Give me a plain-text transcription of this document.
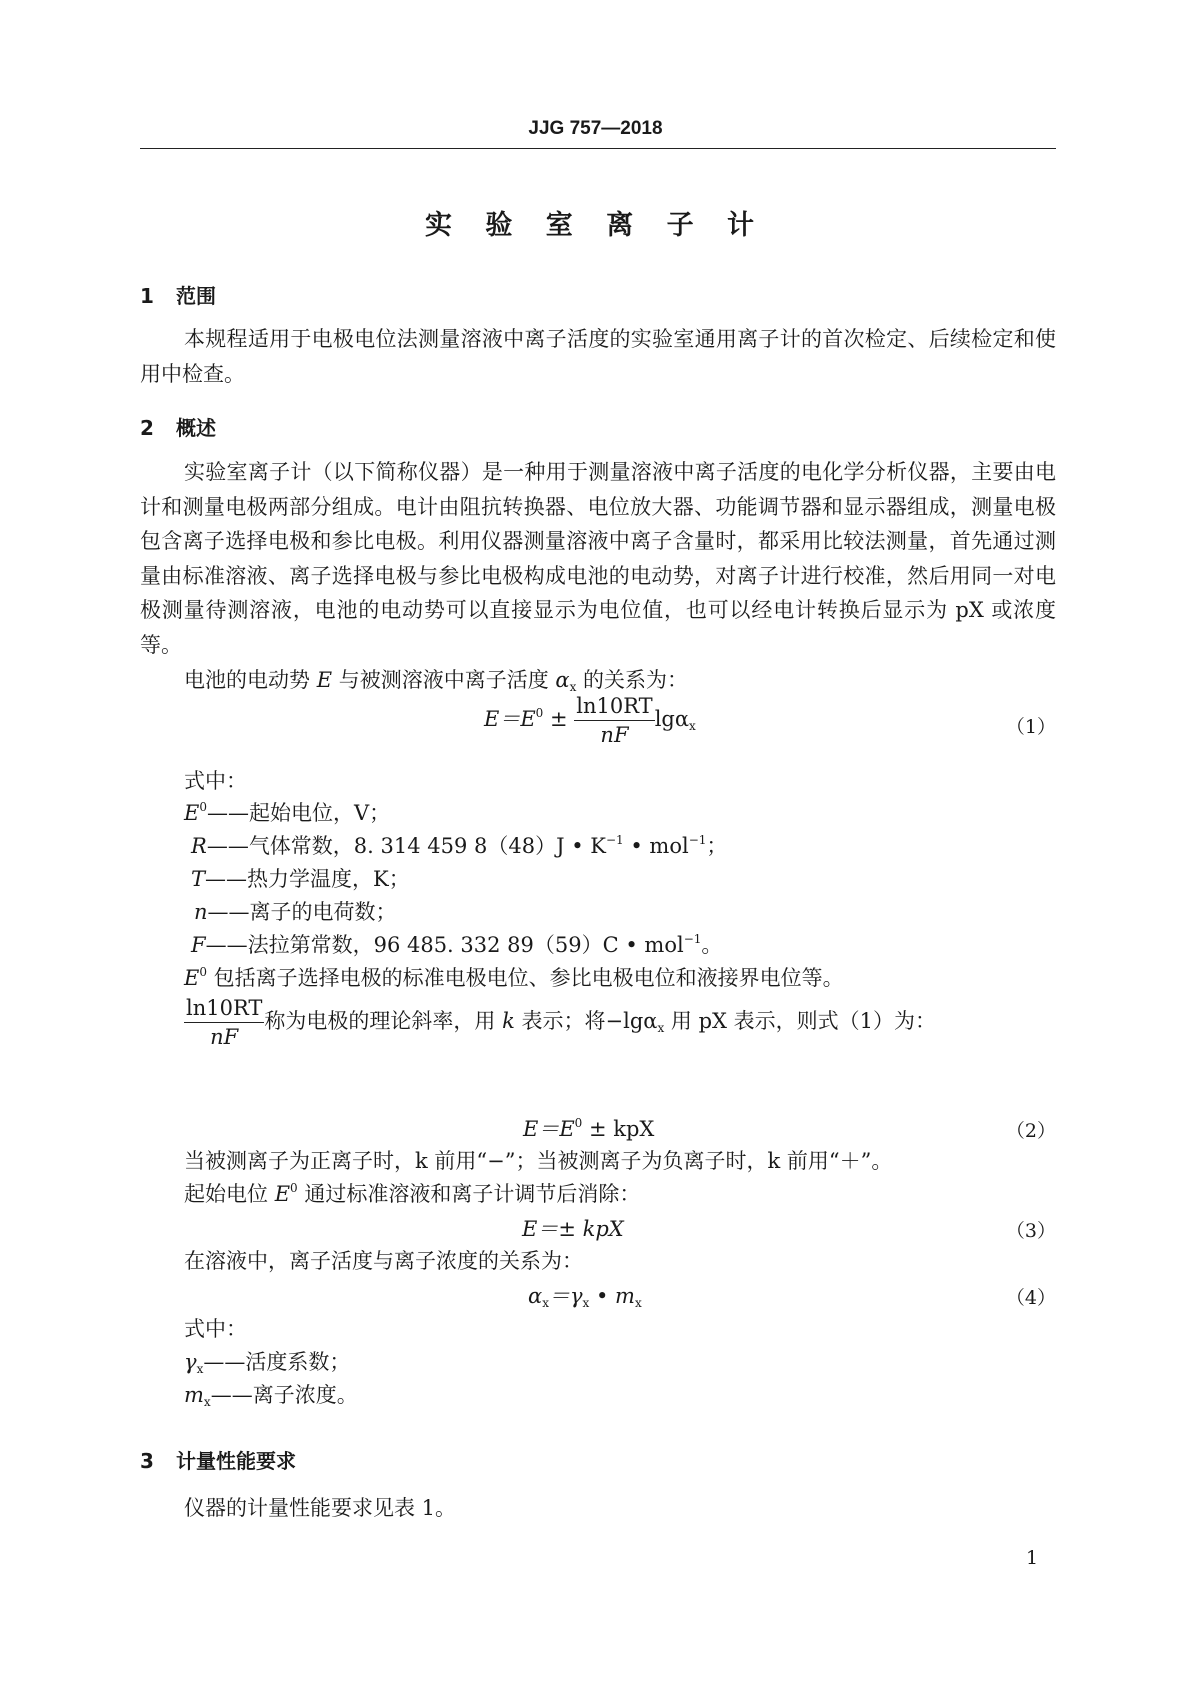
JJG 757—2018
实 验 室 离 子 计
1 范围
本规程适用于电极电位法测量溶液中离子活度的实验室通用离子计的首次检定、后续检定和使用中检查。
2 概述
实验室离子计（以下简称仪器）是一种用于测量溶液中离子活度的电化学分析仪器，主要由电计和测量电极两部分组成。电计由阻抗转换器、电位放大器、功能调节器和显示器组成，测量电极包含离子选择电极和参比电极。利用仪器测量溶液中离子含量时，都采用比较法测量，首先通过测量由标准溶液、离子选择电极与参比电极构成电池的电动势，对离子计进行校准，然后用同一对电极测量待测溶液，电池的电动势可以直接显示为电位值，也可以经电计转换后显示为 pX 或浓度等。
电池的电动势 E 与被测溶液中离子活度 αx 的关系为：
$E=E^0 \pm \frac{\ln 10RT}{nF}$ lgαx	（1）
式中：
$E^0——$起始电位，V；
R——气体常数，8. 314 459 8（48）J • $K^{-1}$ • mol$^{-1}$；
T——热力学温度，K；
n——离子的电荷数；
F——法拉第常数，96 485. 332 89（59）C • mol$^{-1}$。
$E^0$ 包括离子选择电极的标准电极电位、参比电极电位和液接界电位等。
$\frac{\ln 10RT}{nF}$ 称为电极的理论斜率，用 k 表示；将−lgαx 用 pX 表示，则式（1）为：
$E=E^0$ ± kpX	（2）
当被测离子为正离子时，k 前用“−”；当被测离子为负离子时，k 前用“＋”。
起始电位 $E^0$ 通过标准溶液和离子计调节后消除：
E＝± kpX	（3）
在溶液中，离子活度与离子浓度的关系为：
αx＝γx • mx	（4）
式中：
γx——活度系数；
mx——离子浓度。
3 计量性能要求
仪器的计量性能要求见表 1。
1
